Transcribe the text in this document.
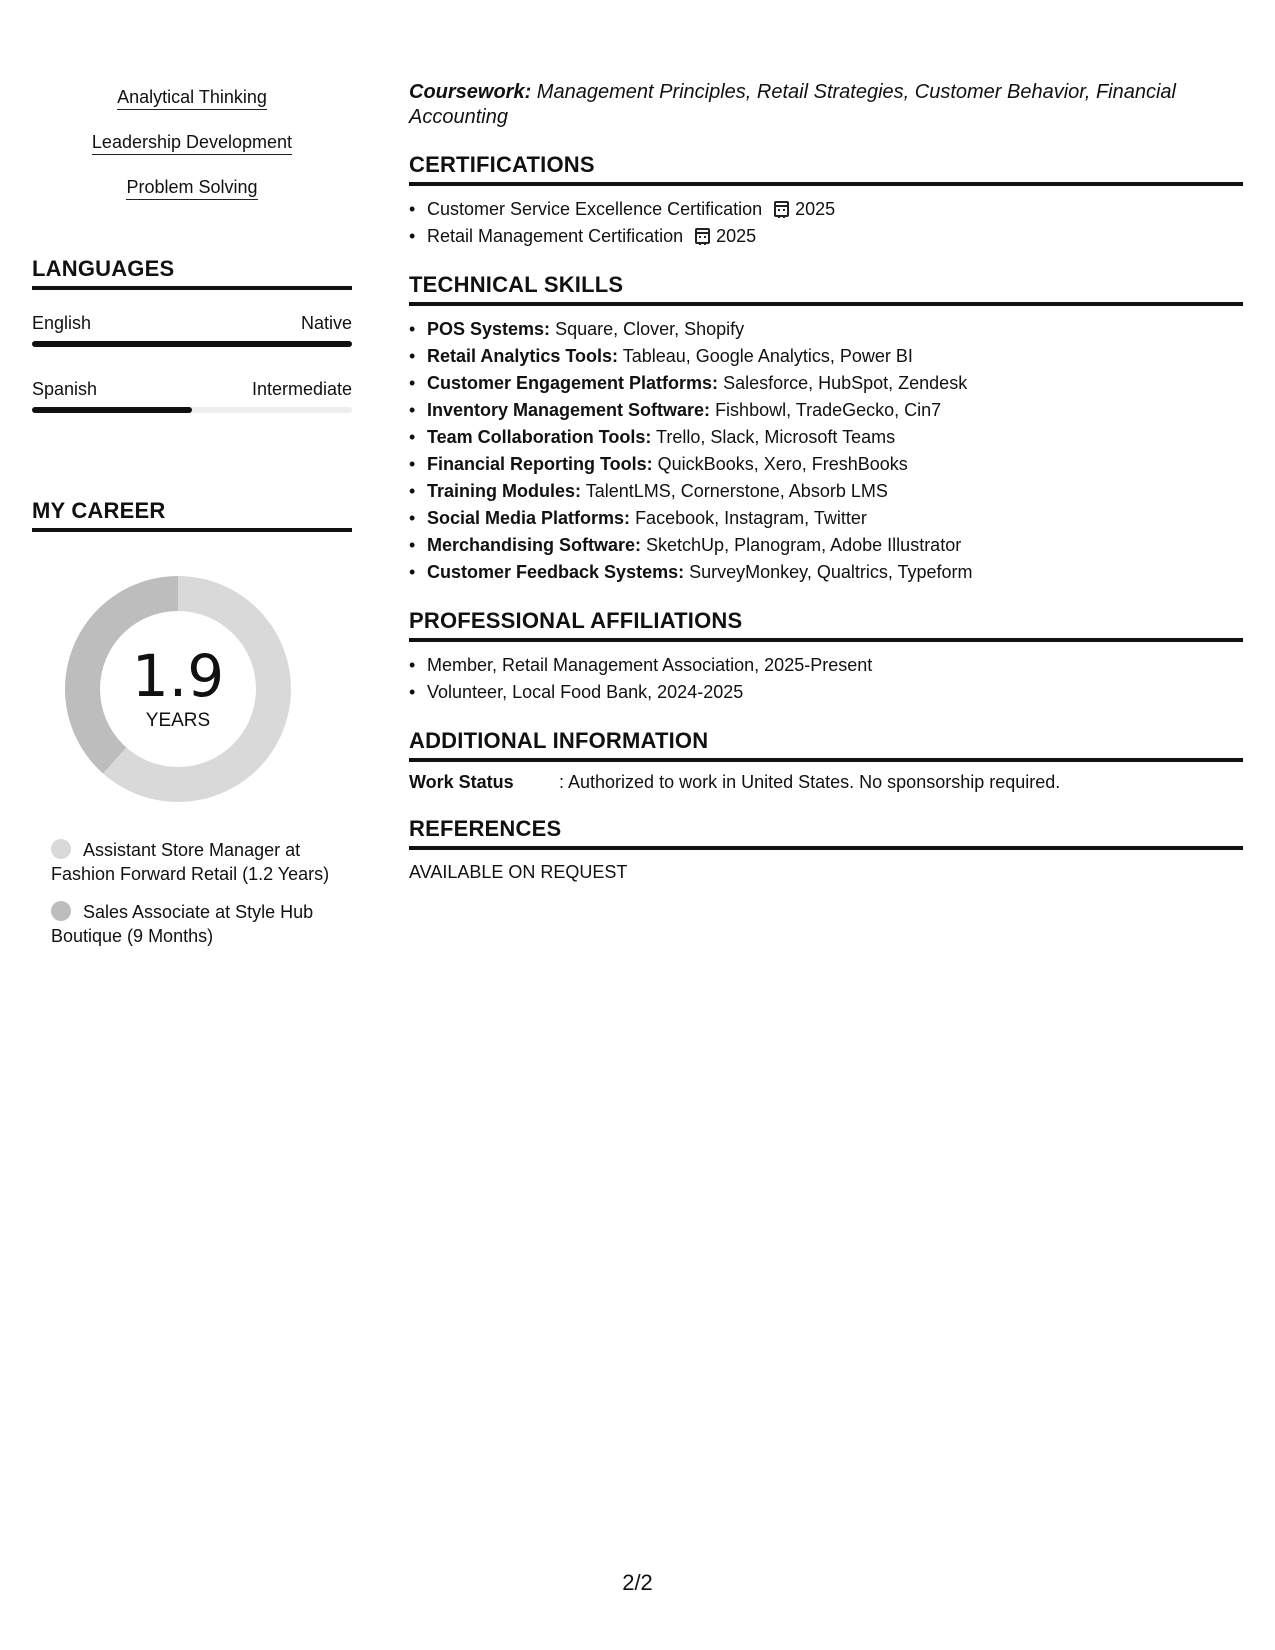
Analytical Thinking
Leadership Development
Problem Solving
LANGUAGES
English	Native
Spanish	Intermediate
MY CAREER
1.9
YEARS
Assistant Store Manager at Fashion Forward Retail (1.2 Years)
Sales Associate at Style Hub Boutique (9 Months)
Coursework: Management Principles, Retail Strategies, Customer Behavior, Financial Accounting
CERTIFICATIONS
• Customer Service Excellence Certification 2025
• Retail Management Certification 2025
TECHNICAL SKILLS
• POS Systems: Square, Clover, Shopify
• Retail Analytics Tools: Tableau, Google Analytics, Power BI
• Customer Engagement Platforms: Salesforce, HubSpot, Zendesk
• Inventory Management Software: Fishbowl, TradeGecko, Cin7
• Team Collaboration Tools: Trello, Slack, Microsoft Teams
• Financial Reporting Tools: QuickBooks, Xero, FreshBooks
• Training Modules: TalentLMS, Cornerstone, Absorb LMS
• Social Media Platforms: Facebook, Instagram, Twitter
• Merchandising Software: SketchUp, Planogram, Adobe Illustrator
• Customer Feedback Systems: SurveyMonkey, Qualtrics, Typeform
PROFESSIONAL AFFILIATIONS
• Member, Retail Management Association, 2025-Present
• Volunteer, Local Food Bank, 2024-2025
ADDITIONAL INFORMATION
Work Status	: Authorized to work in United States. No sponsorship required.
REFERENCES
AVAILABLE ON REQUEST
2/2
